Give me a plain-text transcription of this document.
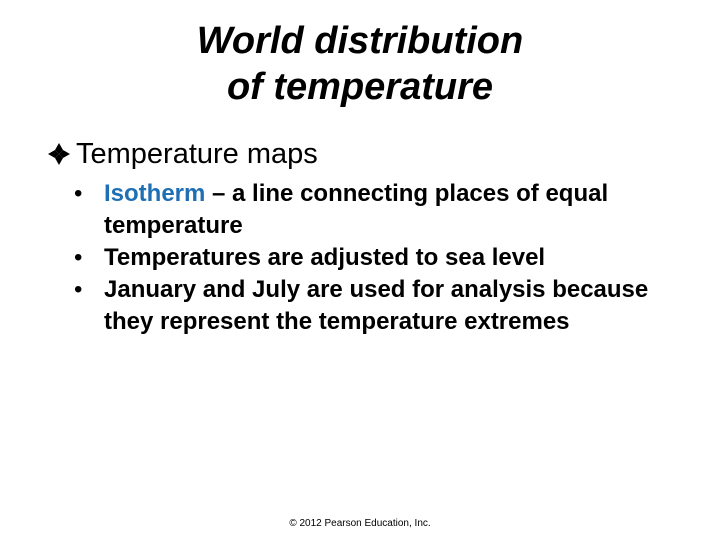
World distribution
of temperature
Temperature maps
• Isotherm – a line connecting places of equal temperature
• Temperatures are adjusted to sea level
• January and July are used for analysis because they represent the temperature extremes
© 2012 Pearson Education, Inc.
